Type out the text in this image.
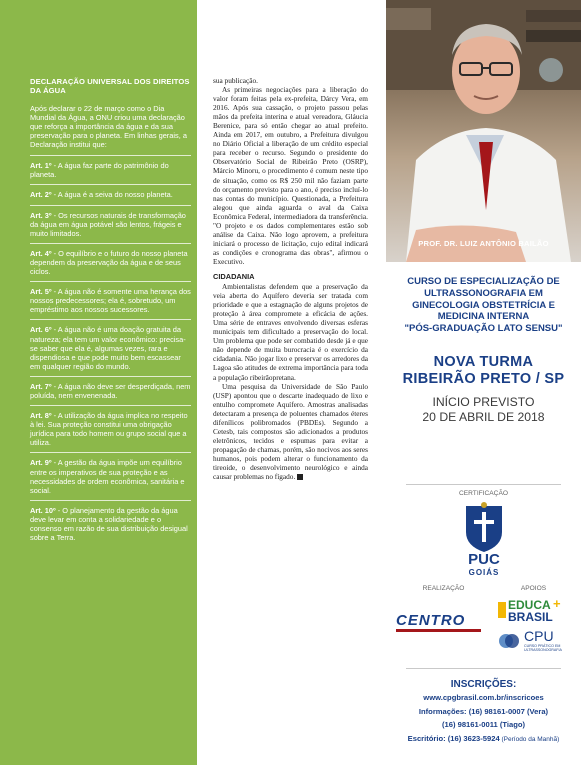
DECLARAÇÃO UNIVERSAL DOS DIREITOS DA ÁGUA
Após declarar o 22 de março como o Dia Mundial da Água, a ONU criou uma declaração que reforça a importância da água e da sua preservação para o planeta. Em linhas gerais, a Declaração institui que:
Art. 1º - A água faz parte do patrimônio do planeta.
Art. 2º - A água é a seiva do nosso planeta.
Art. 3º - Os recursos naturais de transformação da água em água potável são lentos, frágeis e muito limitados.
Art. 4º - O equilíbrio e o futuro do nosso planeta dependem da preservação da água e de seus ciclos.
Art. 5º - A água não é somente uma herança dos nossos predecessores; ela é, sobretudo, um empréstimo aos nossos sucessores.
Art. 6º - A água não é uma doação gratuita da natureza; ela tem um valor econômico: precisa-se saber que ela é, algumas vezes, rara e dispendiosa e que pode muito bem escassear em qualquer região do mundo.
Art. 7º - A água não deve ser desperdiçada, nem poluída, nem envenenada.
Art. 8º - A utilização da água implica no respeito à lei. Sua proteção constitui uma obrigação jurídica para todo homem ou grupo social que a utiliza.
Art. 9º - A gestão da água impõe um equilíbrio entre os imperativos de sua proteção e as necessidades de ordem econômica, sanitária e social.
Art. 10º - O planejamento da gestão da água deve levar em conta a solidariedade e o consenso em razão de sua distribuição desigual sobre a Terra.

sua publicação.

As primeiras negociações para a liberação do valor foram feitas pela ex-prefeita, Dárcy Vera, em 2016. Após sua cassação, o projeto passou pelas mãos da prefeita interina e atual vereadora, Gláucia Berenice, para só então chegar ao atual prefeito. Ainda em 2017, em outubro, a Prefeitura divulgou no Diário Oficial a liberação de um crédito especial para receber o recurso. Segundo o presidente do Observatório Social de Ribeirão Preto (OSRP), Márcio Minoru, o procedimento é comum neste tipo de situação, como os R$ 250 mil não faziam parte do orçamento previsto para o ano, é preciso incluí-lo nas contas do município. Questionada, a Prefeitura alegou que ainda aguarda o aval da Caixa Econômica Federal, intermediadora da transferência. "O projeto e os dados complementares estão sob análise da Caixa. Não logo aprovem, a prefeitura iniciará o processo de licitação, cujo edital indicará as condições e cronograma das obras", afirmou o Executivo.

CIDADANIA

Ambientalistas defendem que a preservação da veia aberta do Aquífero deveria ser tratada com prioridade e que a estagnação de alguns projetos de proteção à área compromete a eficácia de ações. Uma série de entraves envolvendo diversas esferas municipais tem dificultado a preservação do local. Um problema que pode ser combatido desde já e que não depende de muita burocracia é o exercício da cidadania. Não jogar lixo e preservar os arredores da Lagoa são atitudes de extrema importância para toda a população ribeirãopretana.

Uma pesquisa da Universidade de São Paulo (USP) apontou que o descarte inadequado de lixo e entulho compromete Aquífero. Amostras analisadas detectaram a presença de poluentes chamados éteres difenílicos polibromados (PBDEs). Segundo a Cetesb, tais compostos são adicionados a produtos eletrônicos, tecidos e espumas para evitar a propagação de chamas, porém, são nocivos aos seres humanos, pois podem alterar o funcionamento da tireoide, o desenvolvimento neurológico e ainda causar problemas no fígado.

PROF. DR. LUIZ ANTÔNIO BAILÃO
CURSO DE ESPECIALIZAÇÃO DE
ULTRASSONOGRAFIA EM
GINECOLOGIA OBSTETRÍCIA E
MEDICINA INTERNA
"PÓS-GRADUAÇÃO LATO SENSU"
NOVA TURMA
RIBEIRÃO PRETO / SP
INÍCIO PREVISTO
20 DE ABRIL DE 2018
CERTIFICAÇÃO
PUC
GOIÁS
REALIZAÇÃO	APOIOS
CENTRO
EDUCA +
BRASIL
CPU
CURSO PRÁTICO EM ULTRASSONOGRAFIA
INSCRIÇÕES:
www.cpgbrasil.com.br/inscricoes
Informações: (16) 98161-0007 (Vera)
(16) 98161-0011 (Tiago)
Escritório: (16) 3623-5924 (Período da Manhã)
